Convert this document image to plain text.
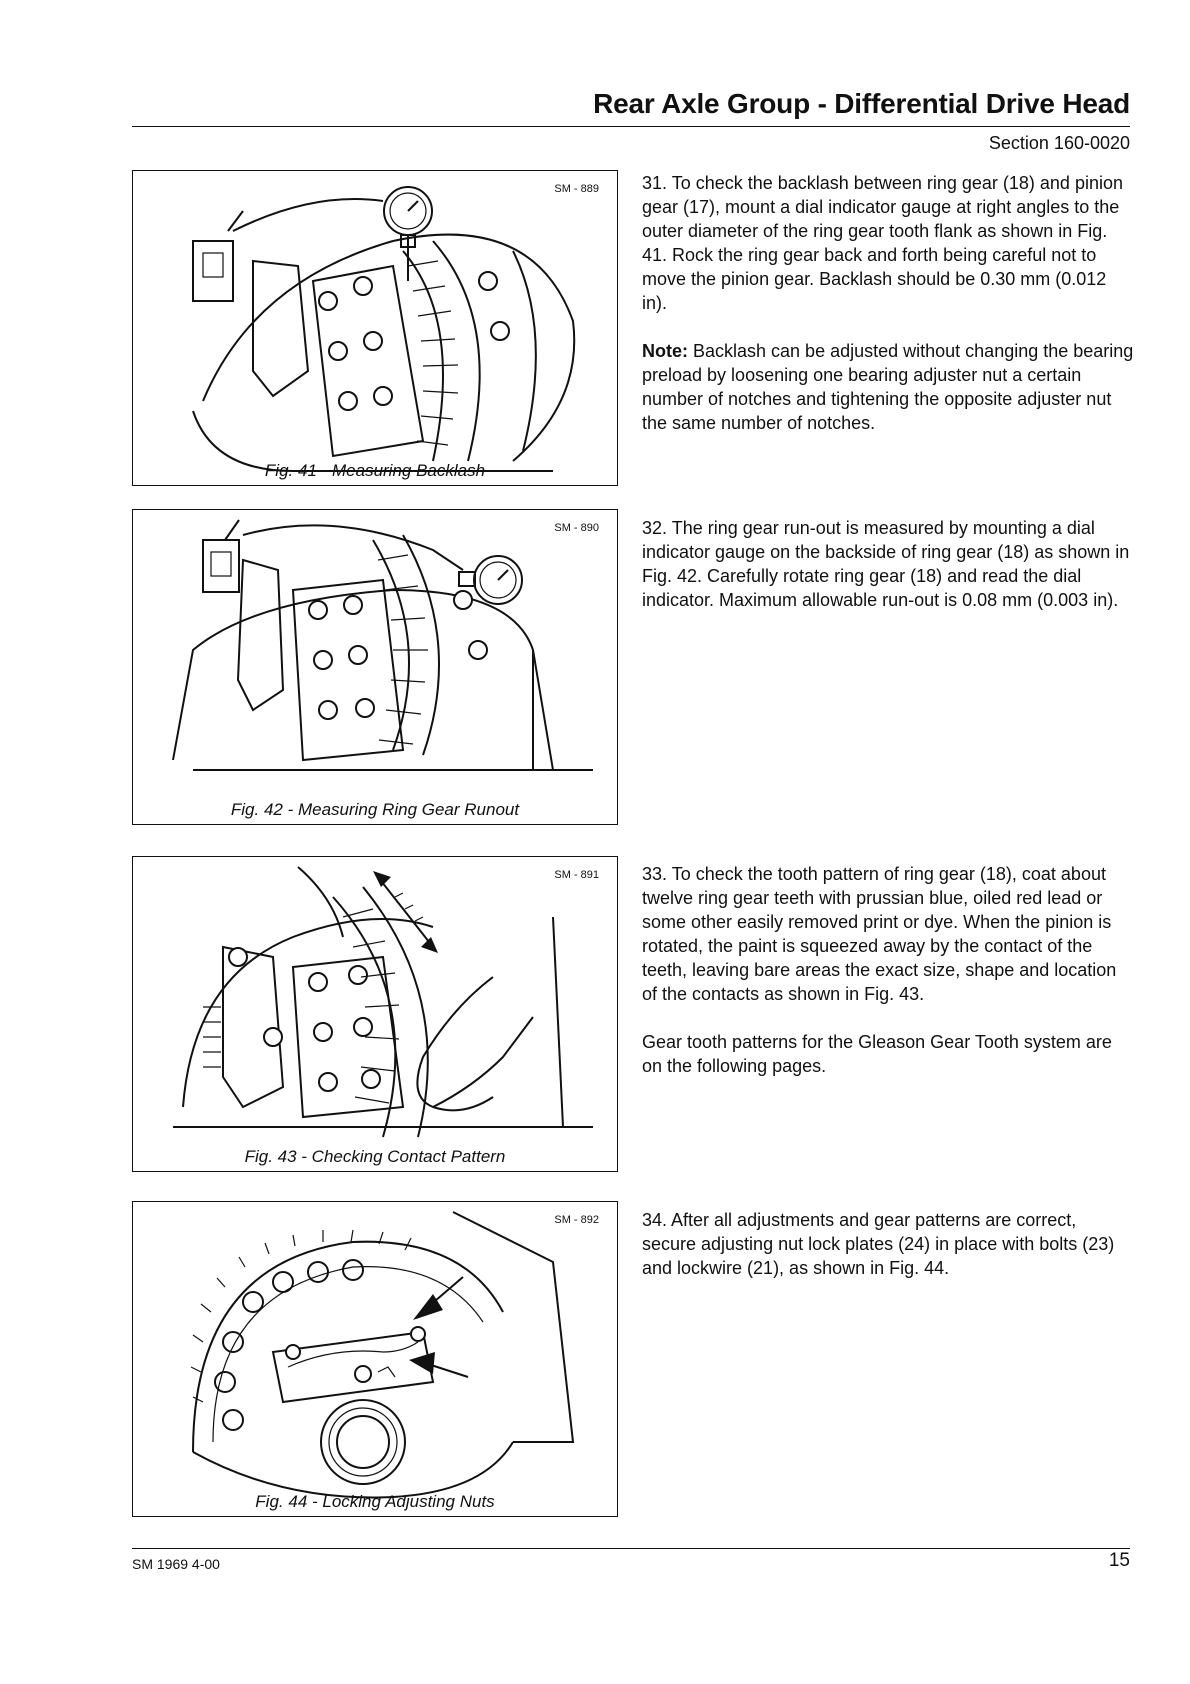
Rear Axle Group - Differential Drive Head
Section 160-0020
SM - 889
Fig. 41 - Measuring Backlash
SM - 890
Fig. 42 - Measuring Ring Gear Runout
SM - 891
Fig. 43 - Checking Contact Pattern
SM - 892
Fig. 44 - Locking Adjusting Nuts

31. To check the backlash between ring gear (18) and pinion gear (17), mount a dial indicator gauge at right angles to the outer diameter of the ring gear tooth flank as shown in Fig. 41. Rock the ring gear back and forth being careful not to move the pinion gear. Backlash should be 0.30 mm (0.012 in).

Note: Backlash can be adjusted without changing the bearing preload by loosening one bearing adjuster nut a certain number of notches and tightening the opposite adjuster nut the same number of notches.

32. The ring gear run-out is measured by mounting a dial indicator gauge on the backside of ring gear (18) as shown in Fig. 42. Carefully rotate ring gear (18) and read the dial indicator. Maximum allowable run-out is 0.08 mm (0.003 in).

33. To check the tooth pattern of ring gear (18), coat about twelve ring gear teeth with prussian blue, oiled red lead or some other easily removed print or dye. When the pinion is rotated, the paint is squeezed away by the contact of the teeth, leaving bare areas the exact size, shape and location of the contacts as shown in Fig. 43.

Gear tooth patterns for the Gleason Gear Tooth system are on the following pages.

34. After all adjustments and gear patterns are correct, secure adjusting nut lock plates (24) in place with bolts (23) and lockwire (21), as shown in Fig. 44.

SM 1969 4-00	15
